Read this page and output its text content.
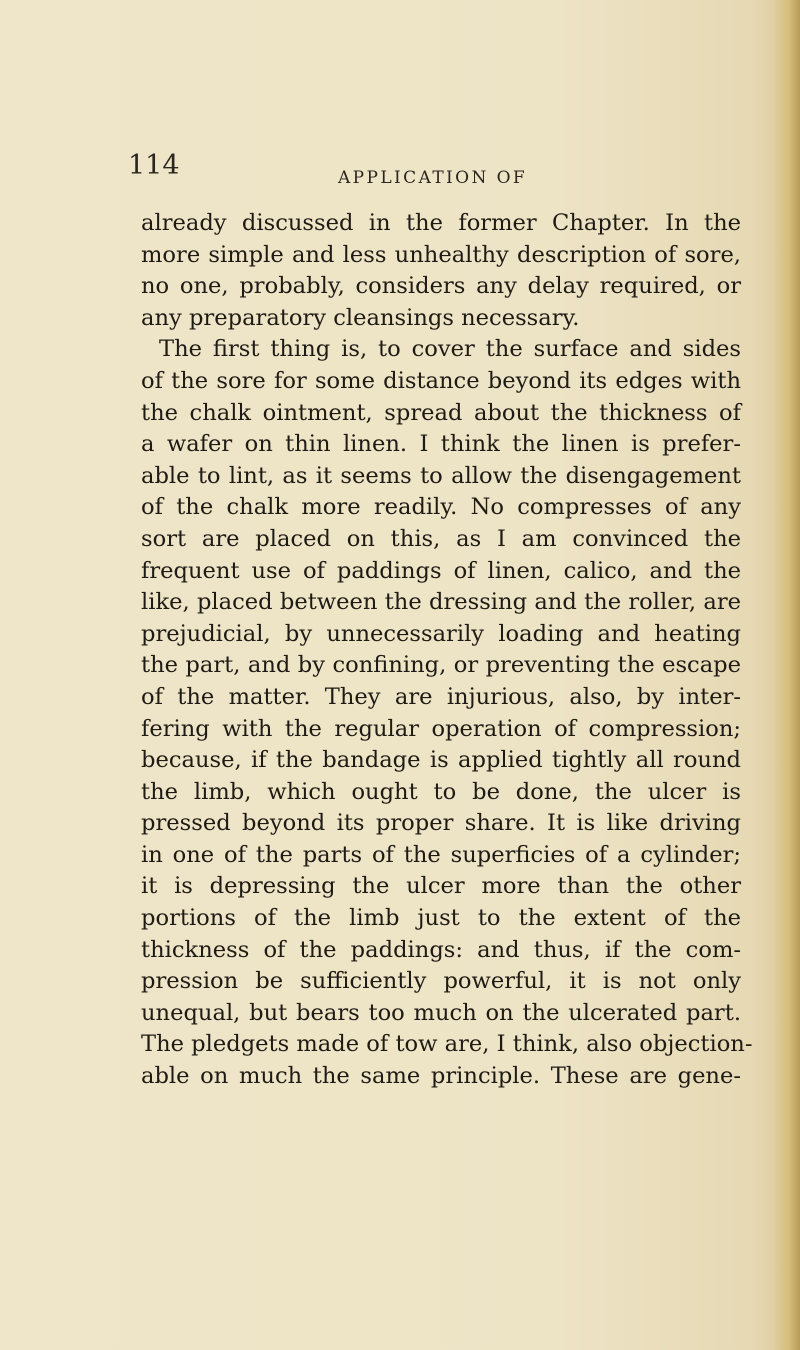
114	APPLICATION OF
already discussed in the former Chapter. In the
more simple and less unhealthy description of sore,
no one, probably, considers any delay required, or
any preparatory cleansings necessary.
The first thing is, to cover the surface and sides
of the sore for some distance beyond its edges with
the chalk ointment, spread about the thickness of
a wafer on thin linen. I think the linen is prefer-
able to lint, as it seems to allow the disengagement
of the chalk more readily. No compresses of any
sort are placed on this, as I am convinced the
frequent use of paddings of linen, calico, and the
like, placed between the dressing and the roller, are
prejudicial, by unnecessarily loading and heating
the part, and by confining, or preventing the escape
of the matter. They are injurious, also, by inter-
fering with the regular operation of compression;
because, if the bandage is applied tightly all round
the limb, which ought to be done, the ulcer is
pressed beyond its proper share. It is like driving
in one of the parts of the superficies of a cylinder;
it is depressing the ulcer more than the other
portions of the limb just to the extent of the
thickness of the paddings: and thus, if the com-
pression be sufficiently powerful, it is not only
unequal, but bears too much on the ulcerated part.
The pledgets made of tow are, I think, also objection-
able on much the same principle. These are gene-
